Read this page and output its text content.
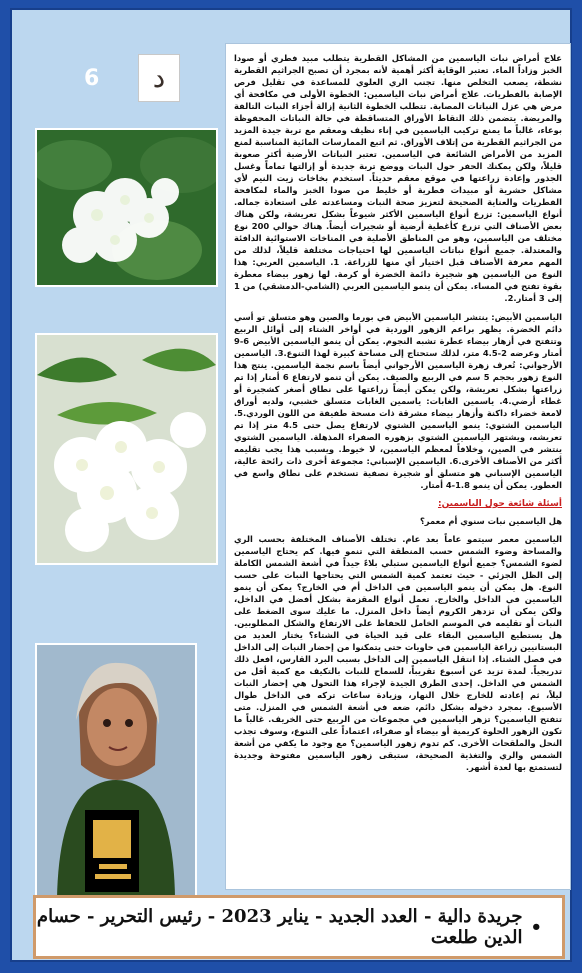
6 د

علاج أمراض نبات الياسمين من المشاكل القطرية يتطلب مبيد فطري أو صودا الخبز وزاداً الماء. تعتبر الوقاية أكثر أهمية لأنه بمجرد أن تصبح الجراثيم القطرية نشطة، يصعب التخلص منها. تجنب الري العلوي للمساعدة في تقليل فرص الإصابة بالفطريات. علاج أمراض نبات الياسمين: الخطوة الأولى في مكافحة أي مرض هي عزل النباتات المصابة. تتطلب الخطوة الثانية إزالة أجزاء النبات التالفة والمريضة. يتضمن ذلك التقاط الأوراق المتساقطة في حالة النباتات المحفوظة بوعاء، غالباً ما يمنع تركيب الياسمين في إناء نظيف ومعقم مع تربة جيدة المزيد من الجراثيم القطرية من إتلاف الأوراق. ثم اتبع الممارسات المائية المناسبة لمنع المزيد من الأمراض الشائعة في الياسمين. تعتبر النباتات الأرضية أكثر صعوبة قليلاً، ولكن يمكنك الحفر حول النبات ووضع تربة جديدة أو إزالتها تماماً وغسل الجذور وإعادة زراعتها في موقع معقم حديثاً. استخدم بخاخات زيت النيم لأي مشاكل حشرية أو مبيدات فطرية أو خليط من صودا الخبز والماء لمكافحة الفطريات والعناية الصحيحة لتعزيز صحة النبات ومساعدته على استعادة جماله. أنواع الياسمين: تزرع أنواع الياسمين الأكثر شيوعاً بشكل تعريشة، ولكن هناك بعض الأصناف التي تزرع كأغطية أرضية أو شجيرات أيضاً. هناك حوالي 200 نوع مختلف من الياسمين، وهو من المناطق الأصلية في المناخات الاستوائية الدافئة والمعتدلة. جميع أنواع نباتات الياسمين لها احتياجات مختلفة قليلاً، لذلك من المهم معرفة الأصناف قبل اختيار أي منها للزراعة. 1. الياسمين العربي: هذا النوع من الياسمين هو شجيرة دائمة الخضرة أو كرمة. لها زهور بيضاء معطرة بقوة تفتح في المساء. يمكن أن ينمو الياسمين العربي (الشامي-الدمشقي) من 1 إلى 3 أمتار.2.

الياسمين الأبيض: ينتشر الياسمين الأبيض في بورما والصين وهو متسلق تو أسي دائم الخضرة. يظهر براعم الزهور الوردية في أواخر الشتاء إلى أوائل الربيع وتتفتح في أزهار بيضاء عطرة تشبه النجوم. يمكن أن ينمو الياسمين الأبيض 6-9 أمتار وعرضه 2-4.5 متر، لذلك ستحتاج إلى مساحة كبيرة لهذا التنوع.3. الياسمين الأرجواني: تُعرف زهرة الياسمين الأرجواني أيضاً باسم نجمة الياسمين. ينتج هذا النوع زهور بحجم 5 سم في الربيع والصيف. يمكن أن تنمو لارتفاع 6 أمتار إذا تم زراعتها بشكل تعريشة، ولكن يمكن أيضاً زراعتها على نطاق أصغر كشجيرة أو غطاء أرضي.4. ياسمين الغابات: ياسمين الغابات متسلق خشبي، ولديه أوراق لامعة خضراء داكنة وأزهار بيضاء مشرقة ذات مسحة طفيفة من اللون الوردي.5. الياسمين الشتوي: ينمو الياسمين الشتوي لارتفاع يصل حتى 4.5 متر إذا تم تعريشه، ويشتهر الياسمين الشتوي بزهوره الصفراء المذهلة. الياسمين الشتوي ينتشر في الصين، وخلافاً لمعظم الياسمين، لا خيوط. ويسبب هذا يجب تقليمه أكثر من الأصناف الأخرى.6. الياسمين الإسباني: مجموعة أخرى ذات رائحة عالية، الياسمين الإسباني هو متسلق أو شجيرة نصفية تستخدم على نطاق واسع في العطور. يمكن أن ينمو 1.8-4 أمتار.

أسئلة شائعة حول الياسمين:
هل الياسمين نبات سنوي أم معمر؟

الياسمين معمر سيتمو عاماً بعد عام. تختلف الأصناف المختلفة بحسب الري والمساحة وضوء الشمس حسب المنطقة التي تنمو فيها. كم يحتاج الياسمين لضوء الشمس؟ جميع أنواع الياسمين ستبلي بلاءً جيداً في أشعة الشمس الكاملة إلى الظل الجزئي - حيث تعتمد كمية الشمس التي يحتاجها النبات على حسب النوع. هل يمكن أن ينمو الياسمين في الداخل أم في الخارج؟ يمكن أن ينمو الياسمين في الداخل والخارج. تعمل أنواع المقزمة بشكل أفضل في الداخل، ولكن يمكن أن تزدهر الكروم أيضاً داخل المنزل. ما عليك سوى الضغط على النبات أو تقليمه في الموسم الخامل للحفاظ على الارتفاع والشكل المطلوبين. هل يستطيع الياسمين البقاء على قيد الحياة في الشتاء؟ يختار العديد من البستانيين زراعة الياسمين في حاويات حتى يتمكنوا من إحضار النبات إلى الداخل في فصل الشتاء. إذا انتقل الياسمين إلى الداخل بسبب البرد القارس، افعل ذلك تدريجياً. لمدة تزيد عن أسبوع تقريباً، للسماح للنبات بالتكيف مع كمية أقل من الشمس في الداخل. إحدى الطرق الجيدة لإجراء هذا التحول هي إحضار النبات ليلاً، ثم إعادته للخارج خلال النهار، وزيادة ساعات تركه في الداخل طوال الأسبوع. بمجرد دخوله بشكل دائم، ضعه في أشعة الشمس في المنزل. متى تتفتح الياسمين؟ تزهر الياسمين في مجموعات من الربيع حتى الخريف. غالباً ما تكون الزهور الحلوة كريمية أو بيضاء أو صفراء، اعتماداً على التنوع، وسوف تجذب النحل والملقحات الأخرى. كم تدوم زهور الياسمين؟ مع وجود ما يكفي من أشعة الشمس والري والتغذية الصحيحة، ستبقى زهور الياسمين مفتوحة وجديدة لتستمتع بها لعدة أشهر.

•
جريدة دالية - العدد الجديد - يناير 2023 - رئيس التحرير - حسام الدين طلعت
